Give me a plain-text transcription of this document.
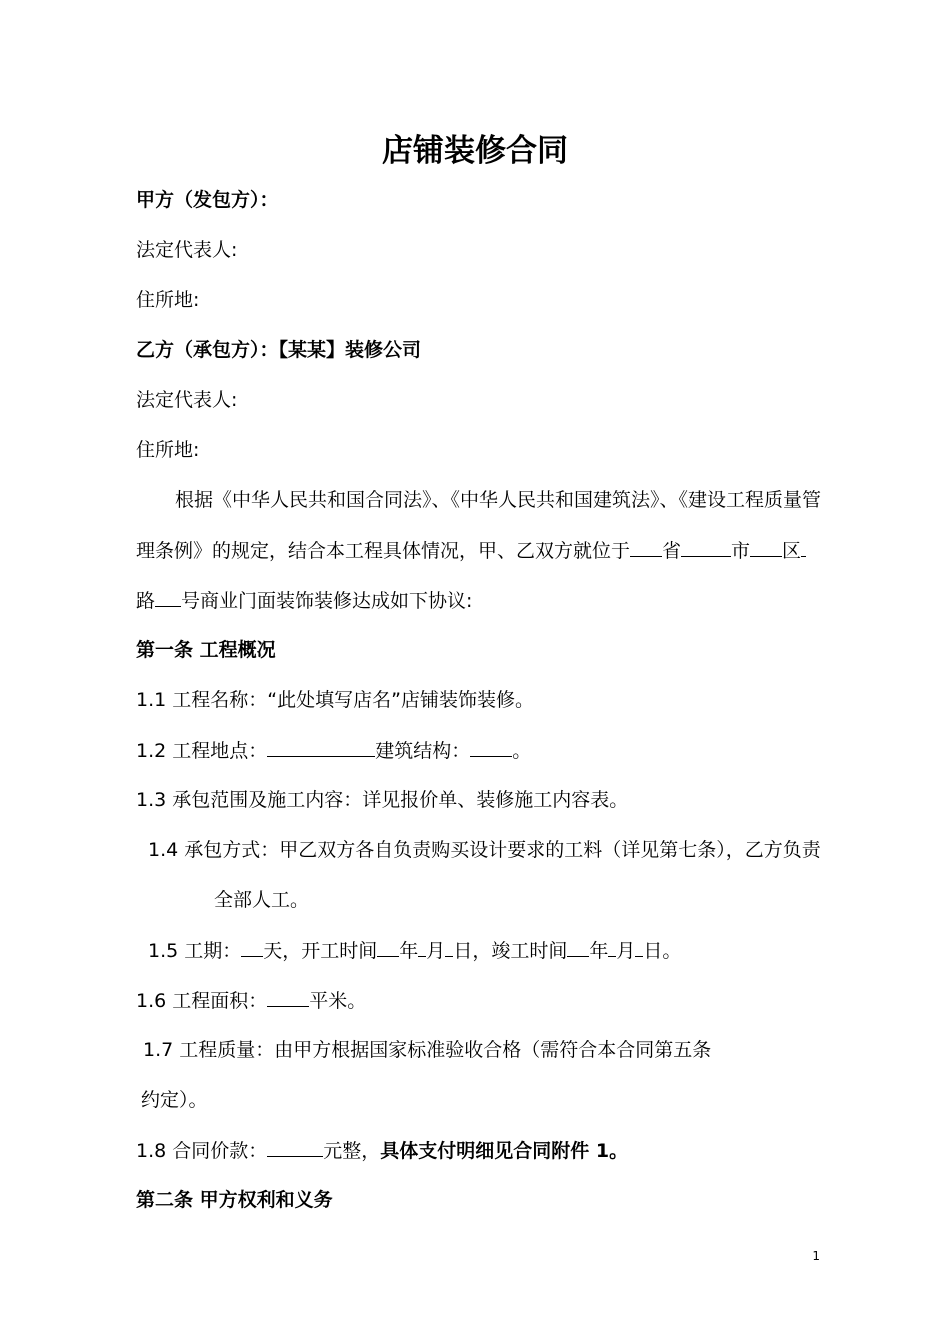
店铺装修合同
甲方（发包方）：
法定代表人:
住所地:
乙方（承包方）：【某某】装修公司
法定代表人:
住所地:
根据《中华人民共和国合同法》、《中华人民共和国建筑法》、《建设工程质量管
理条例》的规定，结合本工程具体情况，甲、乙双方就位于 省	市 区
路 号商业门面装饰装修达成如下协议:
第一条 工程概况
1.1 工程名称：“此处填写店名”店铺装饰装修。
1.2 工程地点：	建筑结构： 。
1.3 承包范围及施工内容：详见报价单、装修施工内容表。
1.4 承包方式：甲乙双方各自负责购买设计要求的工料（详见第七条），乙方负责
全部人工。
1.5 工期： 天，开工时间 年 月 日，竣工时间 年 月 日。
1.6 工程面积： 平米。
1.7 工程质量：由甲方根据国家标准验收合格（需符合本合同第五条
约定）。
1.8 合同价款：	元整，具体支付明细见合同附件 1。
第二条 甲方权利和义务
1
